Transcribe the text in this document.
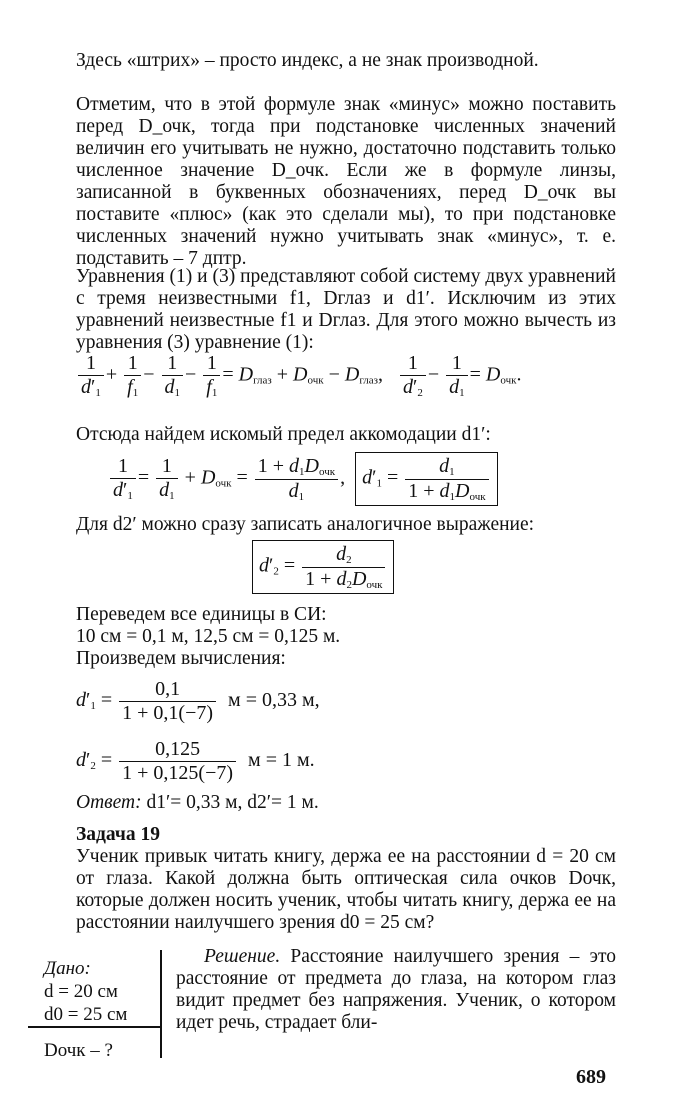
Здесь «штрих» – просто индекс, а не знак производной.

Отметим, что в этой формуле знак «минус» можно поставить перед D_очк, тогда при подстановке численных значений величин его учитывать не нужно, достаточно подставить только численное значение D_очк. Если же в формуле линзы, записанной в буквенных обозначениях, перед D_очк вы поставите «плюс» (как это сделали мы), то при подстановке численных значений нужно учитывать знак «минус», т. е. подставить – 7 дптр.

Уравнения (1) и (3) представляют собой систему двух уравнений с тремя неизвестными f1, Dглаз и d1′. Исключим из этих уравнений неизвестные f1 и Dглаз. Для этого можно вычесть из уравнения (3) уравнение (1):

$\frac{1}{d'_1} + \frac{1}{f_1} - \frac{1}{d_1} - \frac{1}{f_1} = D_{глаз} + D_{очк} - D_{глаз}$, $\frac{1}{d'_2} - \frac{1}{d_1} = D_{очк}$.

Отсюда найдем искомый предел аккомодации d1′:

$\frac{1}{d'_1} = \frac{1}{d_1} + D_{очк} = \frac{1 + d_1D_{очк}}{d_1}$ ,  $d'_1 = \frac{d_1}{1 + d_1D_{очк}}$

Для d2′ можно сразу записать аналогичное выражение:

$d'_2 = \frac{d_2}{1 + d_2D_{очк}}$

Переведем все единицы в СИ:

10 см = 0,1 м, 12,5 см = 0,125 м.

Произведем вычисления:

$d'_1 = \frac{0,1}{1 + 0,1(-7)}$ м = 0,33 м,
$d'_2 = \frac{0,125}{1 + 0,125(-7)}$ м = 1 м.

Ответ: d1′= 0,33 м, d2′= 1 м.

Задача 19

Ученик привык читать книгу, держа ее на расстоянии d = 20 см от глаза. Какой должна быть оптическая сила очков Dочк, которые должен носить ученик, чтобы читать книгу, держа ее на расстоянии наилучшего зрения d0 = 25 см?

Дано:
d = 20 см
d0 = 25 см
Dочк – ?

Решение. Расстояние наилучшего зрения – это расстояние от предмета до глаза, на котором глаз видит предмет без напряжения. Ученик, о котором идет речь, страдает бли-

689
